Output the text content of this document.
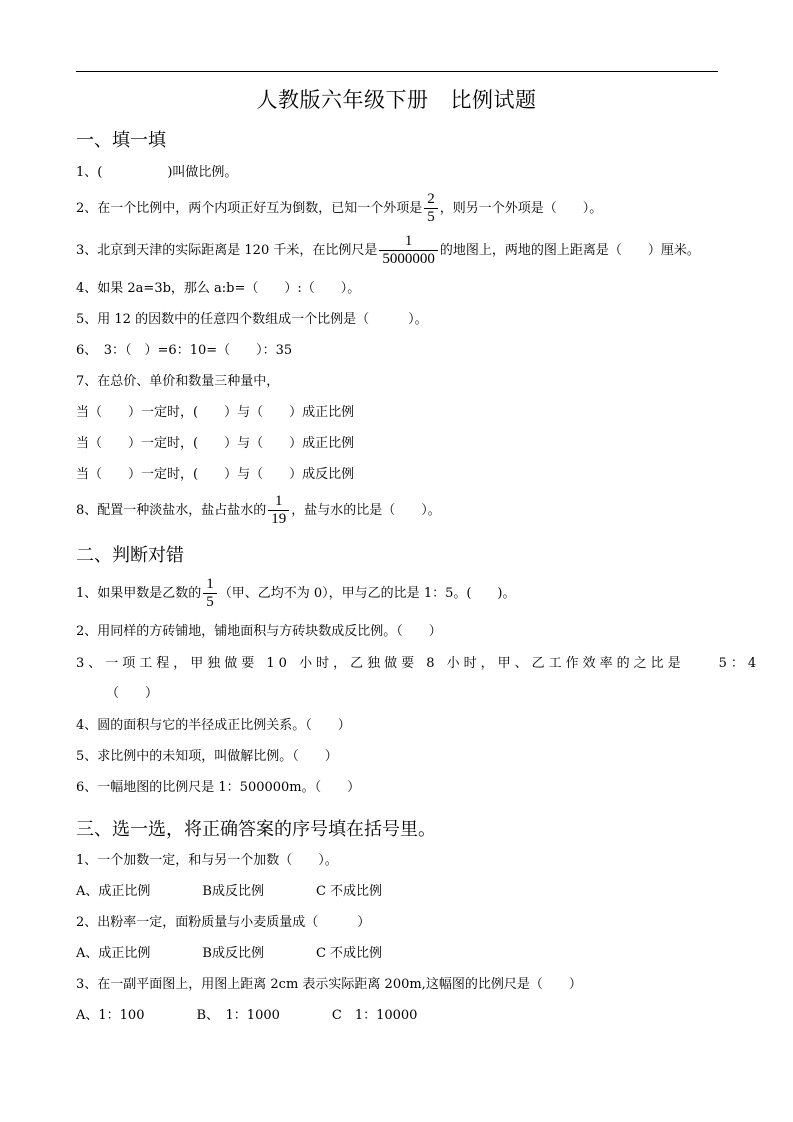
人教版六年级下册 比例试题
一、填一填
1、(　　　　　)叫做比例。
2、在一个比例中，两个内项正好互为倒数，已知一个外项是 $\frac{2}{5}$ ，则另一个外项是（　　）。
3、北京到天津的实际距离是 120 千米，在比例尺是 $\frac{1}{5000000}$ 的地图上，两地的图上距离是（　　）厘米。
4、如果 2a=3b，那么 a:b=（　　）:（　　）。
5、用 12 的因数中的任意四个数组成一个比例是（　　　）。
6、　3：（　）=6：10=（　　）：35
7、在总价、单价和数量三种量中，
当（　　）一定时，(　　）与（　　）成正比例
当（　　）一定时，(　　）与（　　）成正比例
当（　　）一定时，(　　）与（　　）成反比例
8、配置一种淡盐水，盐占盐水的 $\frac{1}{19}$ ，盐与水的比是（　　）。
二、判断对错
1、如果甲数是乙数的 $\frac{1}{5}$ （甲、乙均不为 0），甲与乙的比是 1：5。(　　)。
2、用同样的方砖铺地，铺地面积与方砖块数成反比例。（　　）
3、一项工程，甲独做要 10 小时，乙独做要 8 小时，甲、乙工作效率的之比是　　5：4
（　　）
4、圆的面积与它的半径成正比例关系。（　　）
5、求比例中的未知项，叫做解比例。（　　）
6、一幅地图的比例尺是 1：500000m。（　　）
三、选一选，将正确答案的序号填在括号里。
1、一个加数一定，和与另一个加数（　　）。
A、成正比例　　　　B成反比例　　　　C 不成比例
2、出粉率一定，面粉质量与小麦质量成（　　　）
A、成正比例　　　　B成反比例　　　　C 不成比例
3、在一副平面图上，用图上距离 2cm 表示实际距离 200m,这幅图的比例尺是（　　）
A、1：100　　　　B、　1：1000　　　　C　1：10000
